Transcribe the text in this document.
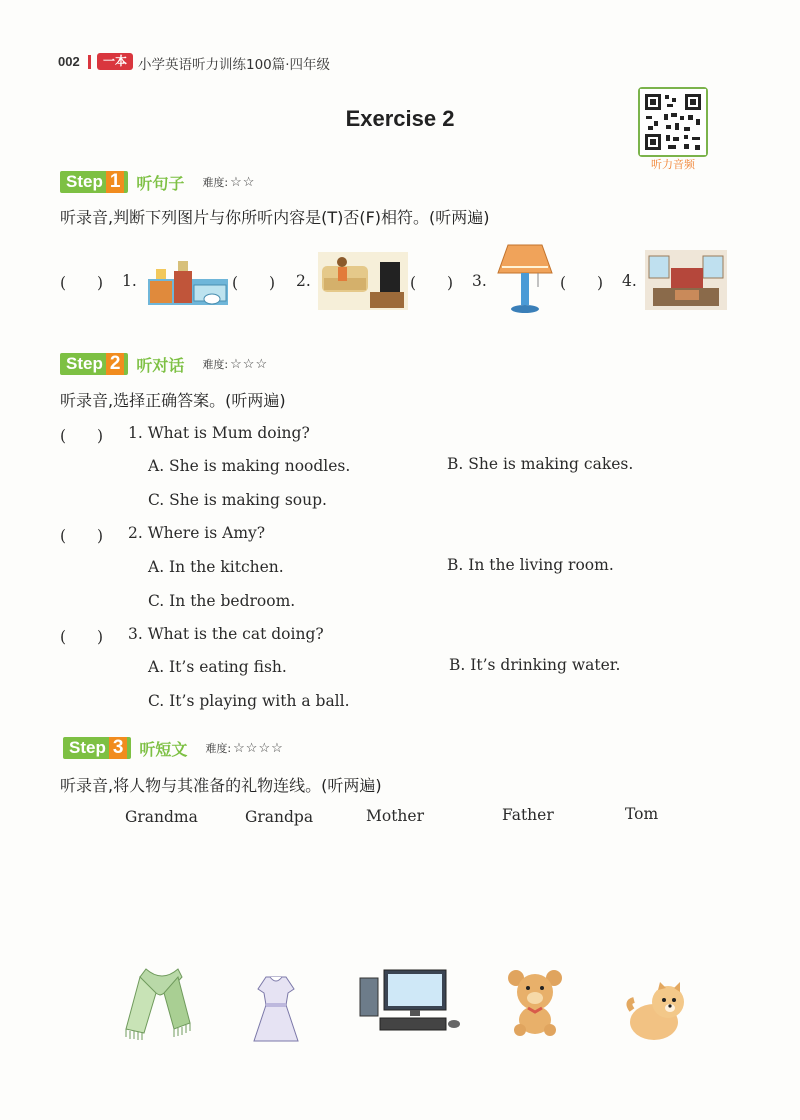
002	一本 小学英语听力训练100篇·四年级
Exercise 2
听力音频
Step 1 听句子 难度: ☆☆
听录音,判断下列图片与你所听内容是(T)否(F)相符。(听两遍)
(　　) 1.	(　　) 2.	(　　) 3.	(　　) 4.
Step 2 听对话 难度: ☆☆☆
听录音,选择正确答案。(听两遍)
(　　) 1. What is Mum doing?
A. She is making noodles.	B. She is making cakes.
C. She is making soup.
(　　) 2. Where is Amy?
A. In the kitchen.	B. In the living room.
C. In the bedroom.
(　　) 3. What is the cat doing?
A. It’s eating fish.	B. It’s drinking water.
C. It’s playing with a ball.
Step 3 听短文 难度: ☆☆☆☆
听录音,将人物与其准备的礼物连线。(听两遍)
Grandma	Grandpa	Mother	Father	Tom
